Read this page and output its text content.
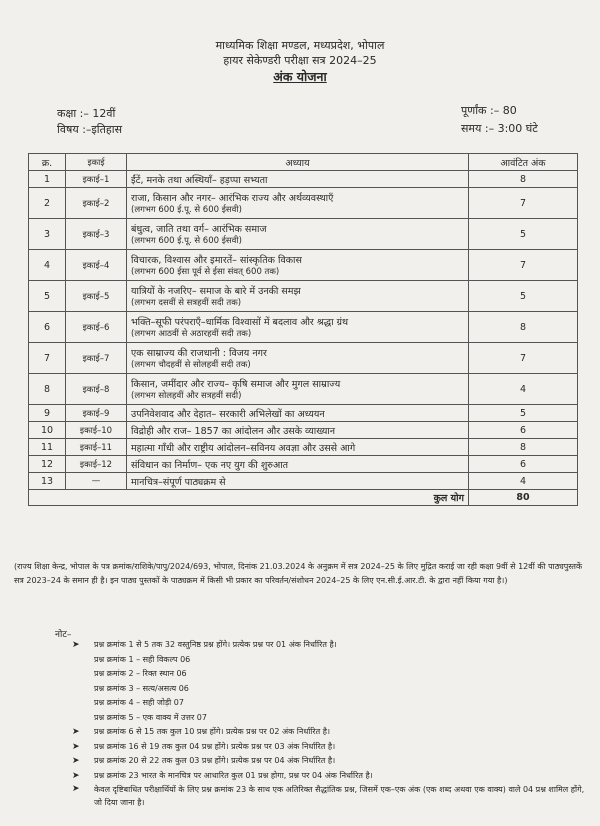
माध्यमिक शिक्षा मण्डल, मध्यप्रदेश, भोपाल
हायर सेकेण्डरी परीक्षा सत्र 2024–25
अंक योजना
कक्षा :– 12वीं
विषय :–इतिहास
पूर्णांक :– 80
समय :– 3:00 घंटे
क्र.	इकाई	अध्याय	आवंटित अंक
1	इकाई–1	ईंटें, मनके तथा अस्थियाँ– हड़प्पा सभ्यता	8
2	इकाई–2	राजा, किसान और नगर– आरंभिक राज्य और अर्थव्यवस्थाएँ
(लगभग 600 ई.पू. से 600 ईसवी)	7
3	इकाई–3	बंधुत्व, जाति तथा वर्ग– आरंभिक समाज
(लगभग 600 ई.पू. से 600 ईसवी)	5
4	इकाई–4	विचारक, विश्वास और इमारतें– सांस्कृतिक विकास
(लगभग 600 ईसा पूर्व से ईसा संवत् 600 तक)	7
5	इकाई–5	यात्रियों के नजरिए– समाज के बारे में उनकी समझ
(लगभग दसवीं से सत्रहवीं सदी तक)	5
6	इकाई–6	भक्ति–सूफी परंपराएँ–धार्मिक विश्वासों में बदलाव और श्रद्धा ग्रंथ
(लगभग आठवीं से अठारहवीं सदी तक)	8
7	इकाई–7	एक साम्राज्य की राजधानी : विजय नगर
(लगभग चौदहवीं से सोलहवीं सदी तक)	7
8	इकाई–8	किसान, जमींदार और राज्य– कृषि समाज और मुगल साम्राज्य
(लगभग सोलहवीं और सत्रहवीं सदी)	4
9	इकाई–9	उपनिवेशवाद और देहात– सरकारी अभिलेखों का अध्ययन	5
10	इकाई–10	विद्रोही और राज– 1857 का आंदोलन और उसके व्याख्यान	6
11	इकाई–11	महात्मा गाँधी और राष्ट्रीय आंदोलन–सविनय अवज्ञा और उससे आगे	8
12	इकाई–12	संविधान का निर्माण– एक नए युग की शुरुआत	6
13	—	मानचित्र–संपूर्ण पाठ्यक्रम से	4
कुल योग			80
(राज्य शिक्षा केन्द्र, भोपाल के पत्र क्रमांक/राशिके/पापु/2024/693, भोपाल, दिनांक 21.03.2024 के अनुक्रम में सत्र 2024–25 के लिए मुद्रित कराई जा रही कक्षा 9वीं से 12वीं की पाठ्यपुस्तकें सत्र 2023–24 के समान ही है। इन पाठ्य पुस्तकों के पाठ्यक्रम में किसी भी प्रकार का परिवर्तन/संशोधन 2024–25 के लिए एन.सी.ई.आर.टी. के द्वारा नहीं किया गया है।)
नोट–
➤ प्रश्न क्रमांक 1 से 5 तक 32 वस्तुनिष्ठ प्रश्न होंगे। प्रत्येक प्रश्न पर 01 अंक निर्धारित है।
प्रश्न क्रमांक 1 – सही विकल्प 06
प्रश्न क्रमांक 2 – रिक्त स्थान 06
प्रश्न क्रमांक 3 – सत्य/असत्य 06
प्रश्न क्रमांक 4 – सही जोड़ी 07
प्रश्न क्रमांक 5 – एक वाक्य में उत्तर 07
➤ प्रश्न क्रमांक 6 से 15 तक कुल 10 प्रश्न होंगे। प्रत्येक प्रश्न पर 02 अंक निर्धारित है।
➤ प्रश्न क्रमांक 16 से 19 तक कुल 04 प्रश्न होंगे। प्रत्येक प्रश्न पर 03 अंक निर्धारित है।
➤ प्रश्न क्रमांक 20 से 22 तक कुल 03 प्रश्न होंगे। प्रत्येक प्रश्न पर 04 अंक निर्धारित है।
➤ प्रश्न क्रमांक 23 भारत के मानचित्र पर आधारित कुल 01 प्रश्न होगा, प्रश्न पर 04 अंक निर्धारित है।
➤ केवल दृष्टिबाधित परीक्षार्थियों के लिए प्रश्न क्रमांक 23 के साथ एक अतिरिक्त सैद्धांतिक प्रश्न, जिसमें एक–एक अंक (एक शब्द अथवा एक वाक्य) वाले 04 प्रश्न शामिल होंगे, जो दिया जाना है।
